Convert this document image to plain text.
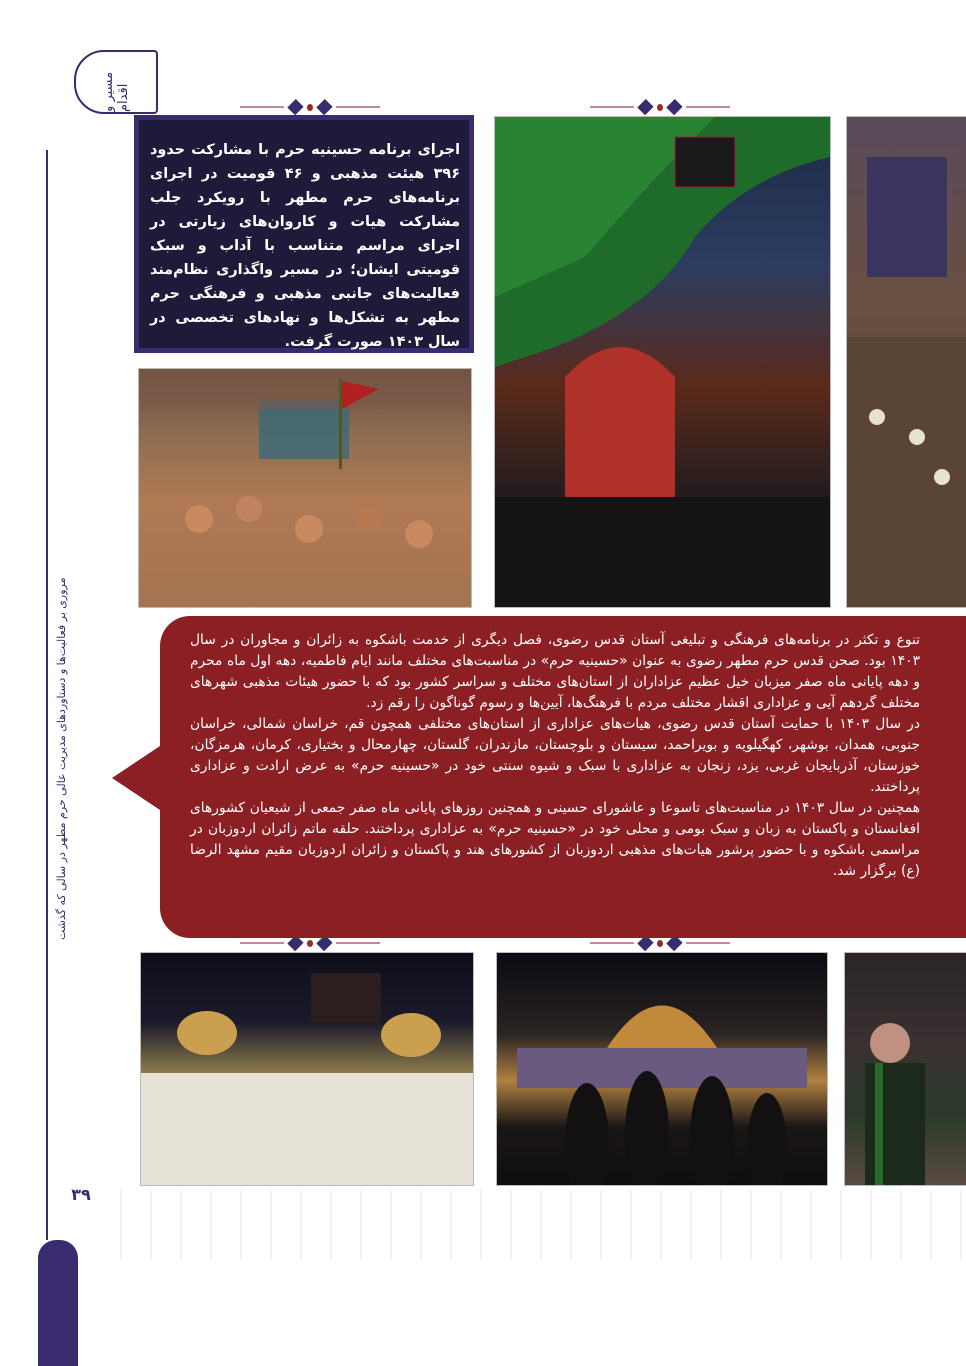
مسیر و اقدام
مروری بر فعالیت‌ها و دستاوردهای مدیریت عالی حرم مطهر در سالی که گذشت
۳۹
اجرای برنامه حسینیه حرم با مشارکت حدود ۳۹۶ هیئت مذهبی و ۴۶ قومیت در اجرای برنامه‌های حرم مطهر با رویکرد جلب مشارکت هیات و کاروان‌های زیارتی در اجرای مراسم متناسب با آداب و سبک قومیتی ایشان؛ در مسیر واگذاری نظام‌مند فعالیت‌های جانبی مذهبی و فرهنگی حرم مطهر به تشکل‌ها و نهادهای تخصصی در سال ۱۴۰۳ صورت گرفت.

تنوع و تکثر در برنامه‌های فرهنگی و تبلیغی آستان قدس رضوی، فصل دیگری از خدمت باشکوه به زائران و مجاوران در سال ۱۴۰۳ بود. صحن قدس حرم مطهر رضوی به عنوان «حسینیه حرم» در مناسبت‌های مختلف مانند ایام فاطمیه، دهه اول ماه محرم و دهه پایانی ماه صفر میزبان خیل عظیم عزاداران از استان‌های مختلف و سراسر کشور بود که با حضور هیئات مذهبی شهرهای مختلف گردهم آیی و عزاداری اقشار مختلف مردم با فرهنگ‌ها، آیین‌ها و رسوم گوناگون را رقم زد.

در سال ۱۴۰۳ با حمایت آستان قدس رضوی، هیات‌های عزاداری از استان‌های مختلفی همچون قم، خراسان شمالی، خراسان جنوبی، همدان، بوشهر، کهگیلویه و بویراحمد، سیستان و بلوچستان، مازندران، گلستان، چهارمحال و بختیاری، کرمان، هرمزگان، خوزستان، آذربایجان غربی، یزد، زنجان به عزاداری با سبک و شیوه سنتی خود در «حسینیه حرم» به عرض ارادت و عزاداری پرداختند.

همچنین در سال ۱۴۰۳ در مناسبت‌های تاسوعا و عاشورای حسینی و همچنین روزهای پایانی ماه صفر جمعی از شیعیان کشورهای افغانستان و پاکستان به زبان و سبک بومی و محلی خود در «حسینیه حرم» به عزاداری پرداختند. حلقه ماتم زائران اردوزبان در مراسمی باشکوه و با حضور پرشور هیات‌های مذهبی اردوزبان از کشورهای هند و پاکستان و زائران اردوزبان مقیم مشهد الرضا (ع) برگزار شد.
